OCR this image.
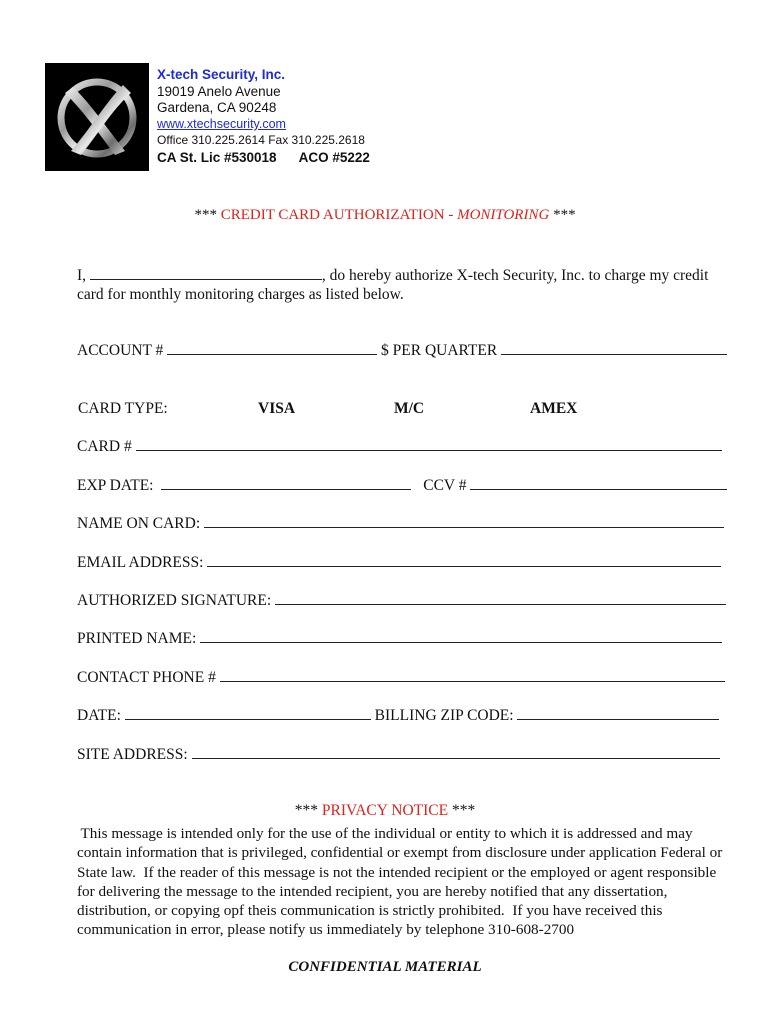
X-tech Security, Inc.
19019 Anelo Avenue
Gardena, CA 90248
www.xtechsecurity.com
Office 310.225.2614 Fax 310.225.2618
CA St. Lic #530018      ACO #5222
*** CREDIT CARD AUTHORIZATION - MONITORING ***
I,	, do hereby authorize X-tech Security, Inc. to charge my credit
card for monthly monitoring charges as listed below.
ACCOUNT #	$ PER QUARTER
CARD TYPE:	VISA	M/C	AMEX
CARD #
EXP DATE:	CCV #
NAME ON CARD:
EMAIL ADDRESS:
AUTHORIZED SIGNATURE:
PRINTED NAME:
CONTACT PHONE #
DATE:	BILLING ZIP CODE:
SITE ADDRESS:
*** PRIVACY NOTICE ***
This message is intended only for the use of the individual or entity to which it is addressed and may
contain information that is privileged, confidential or exempt from disclosure under application Federal or
State law.  If the reader of this message is not the intended recipient or the employed or agent responsible
for delivering the message to the intended recipient, you are hereby notified that any dissertation,
distribution, or copying opf theis communication is strictly prohibited.  If you have received this
communication in error, please notify us immediately by telephone 310-608-2700
CONFIDENTIAL MATERIAL
